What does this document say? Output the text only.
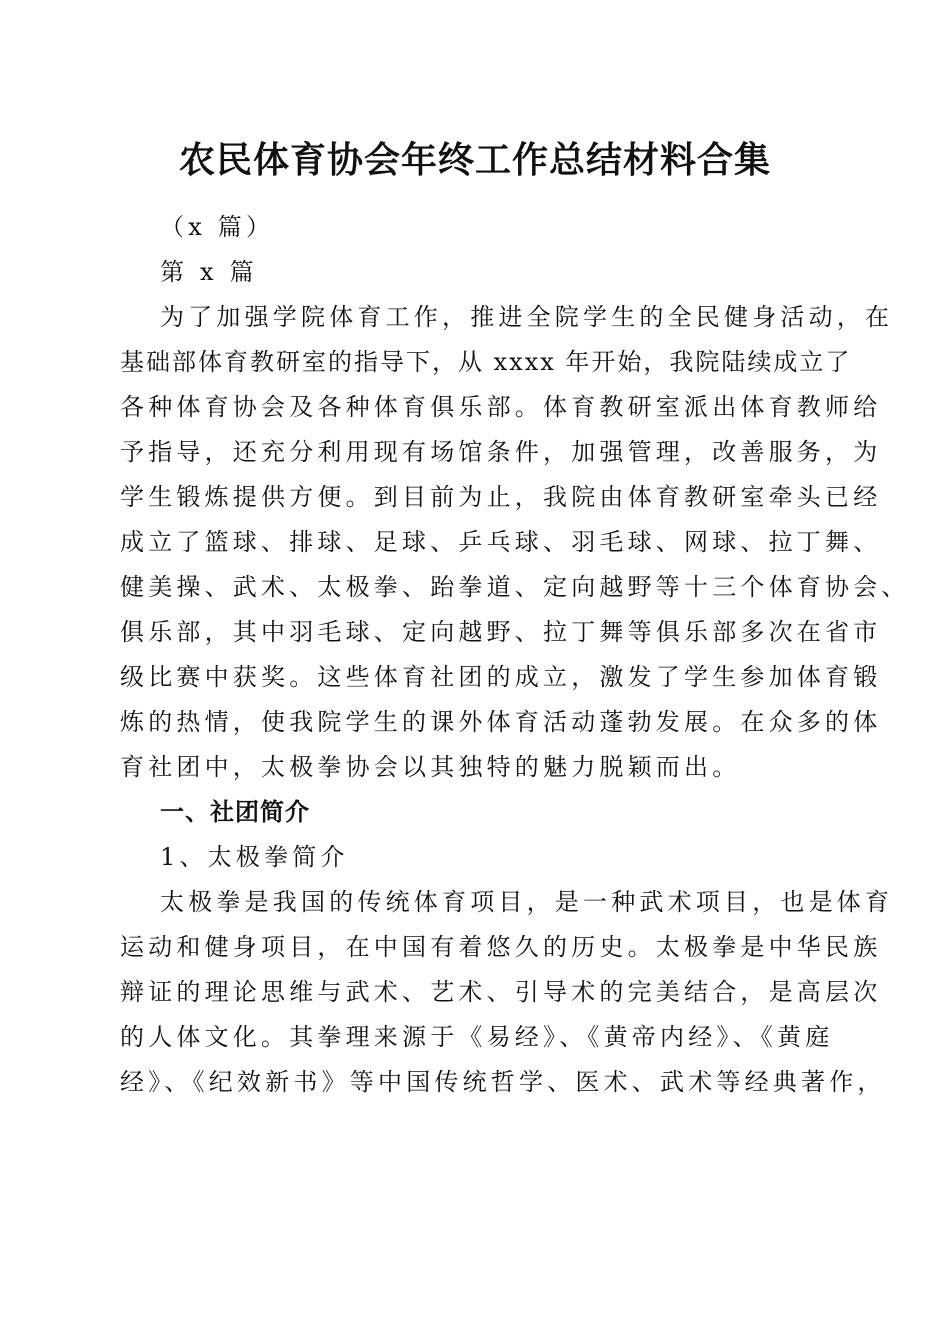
农民体育协会年终工作总结材料合集
（x 篇）
第 x 篇
为了加强学院体育工作，推进全院学生的全民健身活动，在
基础部体育教研室的指导下，从 xxxx 年开始，我院陆续成立了
各种体育协会及各种体育俱乐部。体育教研室派出体育教师给
予指导，还充分利用现有场馆条件，加强管理，改善服务，为
学生锻炼提供方便。到目前为止，我院由体育教研室牵头已经
成立了篮球、排球、足球、乒乓球、羽毛球、网球、拉丁舞、
健美操、武术、太极拳、跆拳道、定向越野等十三个体育协会、
俱乐部，其中羽毛球、定向越野、拉丁舞等俱乐部多次在省市
级比赛中获奖。这些体育社团的成立，激发了学生参加体育锻
炼的热情，使我院学生的课外体育活动蓬勃发展。在众多的体
育社团中，太极拳协会以其独特的魅力脱颖而出。
一、社团简介
1、太极拳简介
太极拳是我国的传统体育项目，是一种武术项目，也是体育
运动和健身项目，在中国有着悠久的历史。太极拳是中华民族
辩证的理论思维与武术、艺术、引导术的完美结合，是高层次
的人体文化。其拳理来源于《易经》、《黄帝内经》、《黄庭
经》、《纪效新书》等中国传统哲学、医术、武术等经典著作，
